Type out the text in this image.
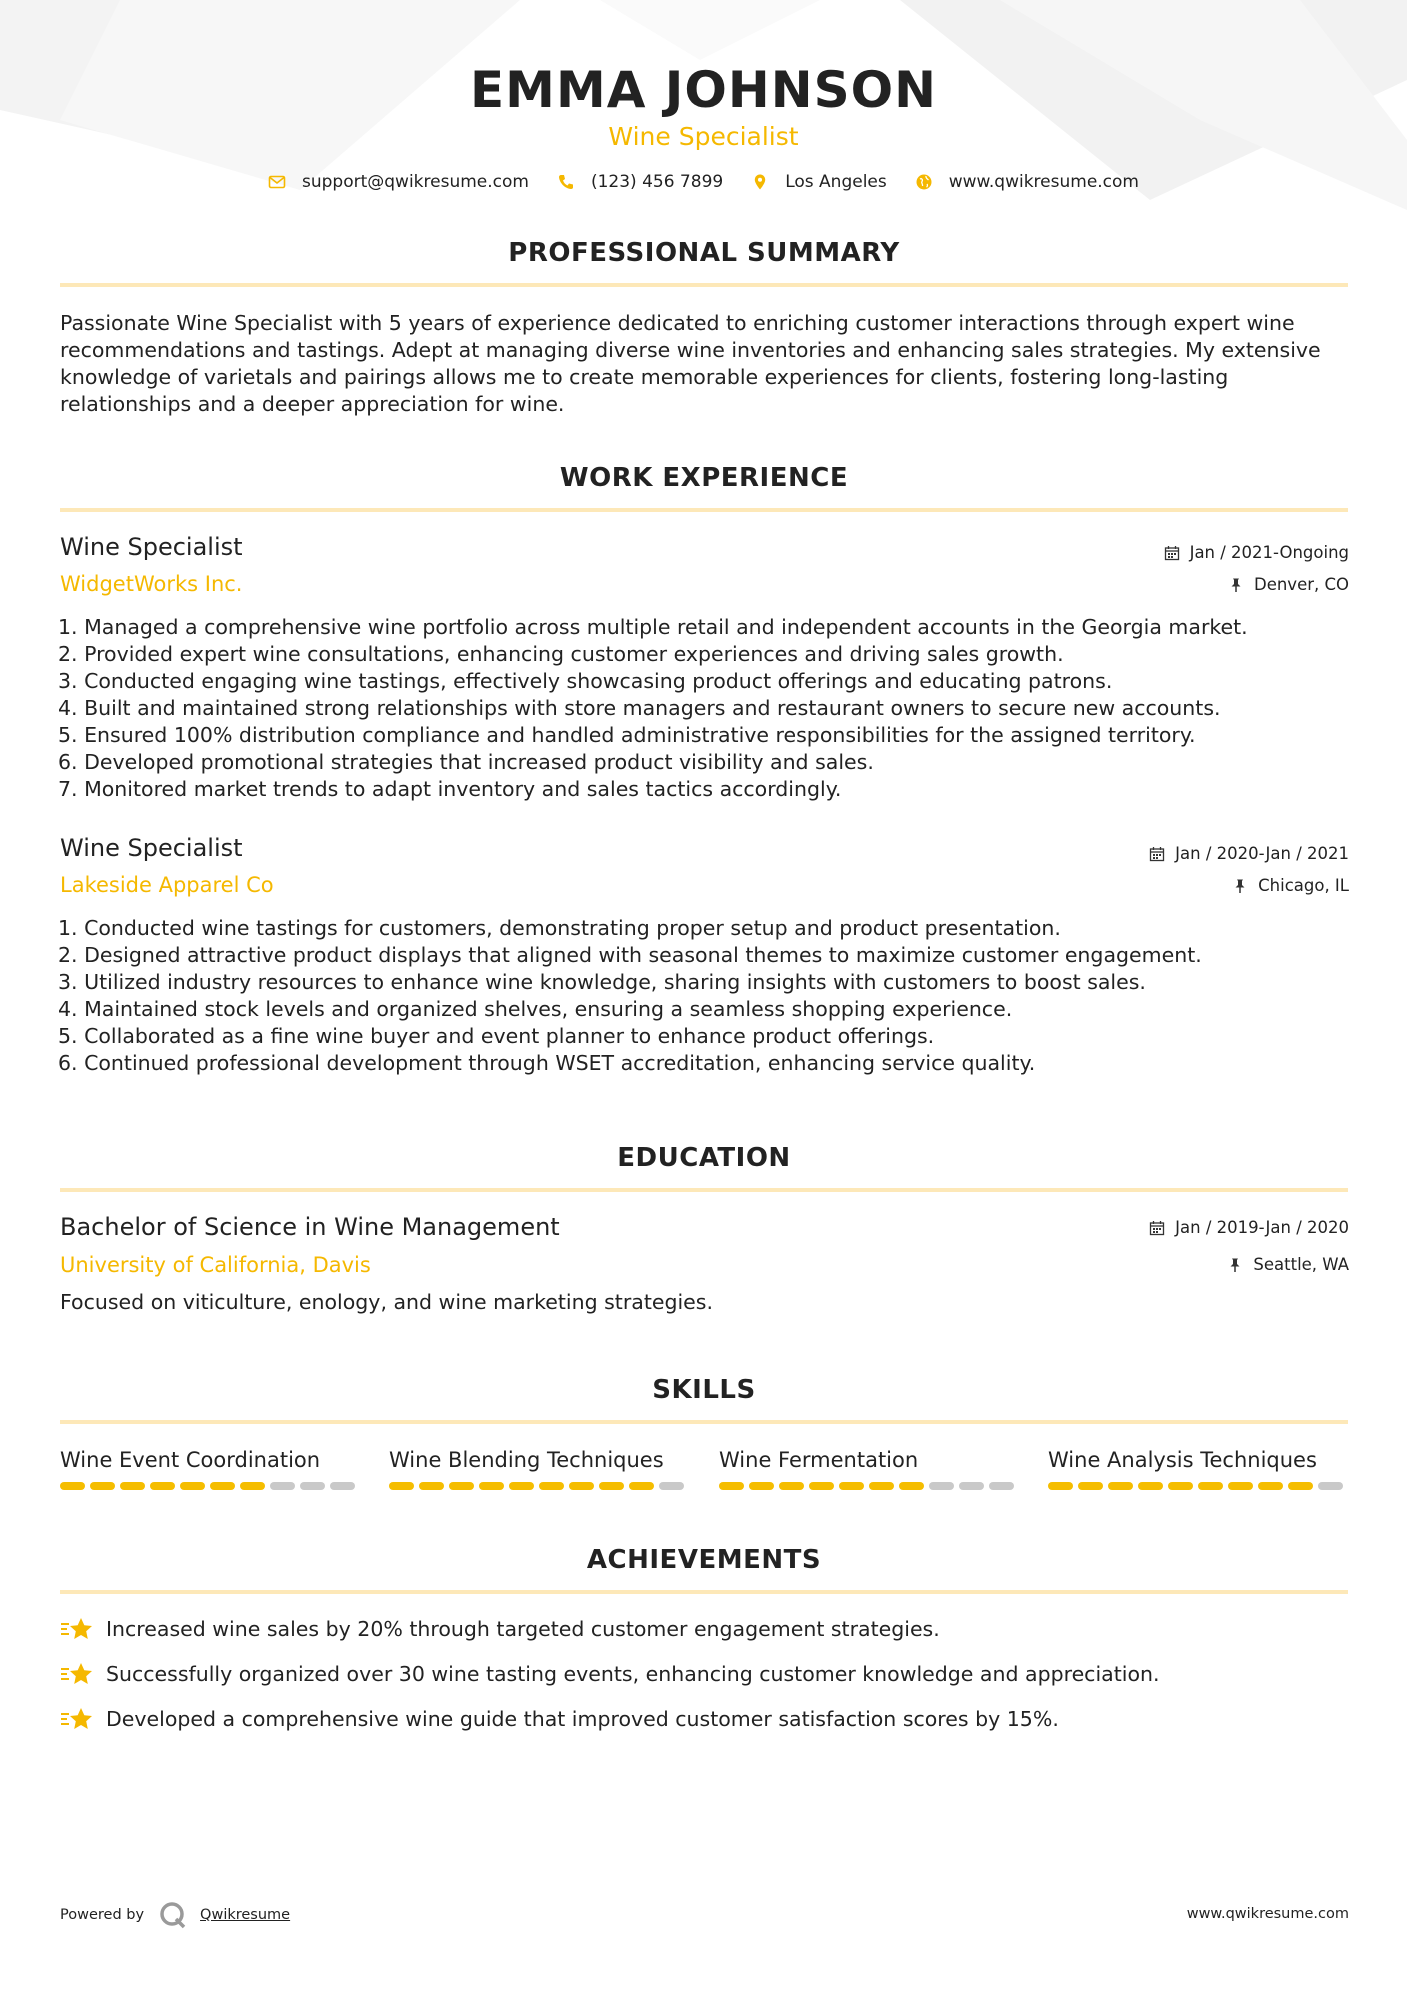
EMMA JOHNSON
Wine Specialist
support@qwikresume.com	(123) 456 7899	Los Angeles	www.qwikresume.com
PROFESSIONAL SUMMARY
Passionate Wine Specialist with 5 years of experience dedicated to enriching customer interactions through expert wine recommendations and tastings. Adept at managing diverse wine inventories and enhancing sales strategies. My extensive knowledge of varietals and pairings allows me to create memorable experiences for clients, fostering long-lasting relationships and a deeper appreciation for wine.
WORK EXPERIENCE
Wine Specialist	Jan / 2021-Ongoing
WidgetWorks Inc.	Denver, CO
1. Managed a comprehensive wine portfolio across multiple retail and independent accounts in the Georgia market.
2. Provided expert wine consultations, enhancing customer experiences and driving sales growth.
3. Conducted engaging wine tastings, effectively showcasing product offerings and educating patrons.
4. Built and maintained strong relationships with store managers and restaurant owners to secure new accounts.
5. Ensured 100% distribution compliance and handled administrative responsibilities for the assigned territory.
6. Developed promotional strategies that increased product visibility and sales.
7. Monitored market trends to adapt inventory and sales tactics accordingly.
Wine Specialist	Jan / 2020-Jan / 2021
Lakeside Apparel Co	Chicago, IL
1. Conducted wine tastings for customers, demonstrating proper setup and product presentation.
2. Designed attractive product displays that aligned with seasonal themes to maximize customer engagement.
3. Utilized industry resources to enhance wine knowledge, sharing insights with customers to boost sales.
4. Maintained stock levels and organized shelves, ensuring a seamless shopping experience.
5. Collaborated as a fine wine buyer and event planner to enhance product offerings.
6. Continued professional development through WSET accreditation, enhancing service quality.
EDUCATION
Bachelor of Science in Wine Management	Jan / 2019-Jan / 2020
University of California, Davis	Seattle, WA
Focused on viticulture, enology, and wine marketing strategies.
SKILLS
Wine Event Coordination	Wine Blending Techniques	Wine Fermentation	Wine Analysis Techniques
ACHIEVEMENTS
Increased wine sales by 20% through targeted customer engagement strategies.
Successfully organized over 30 wine tasting events, enhancing customer knowledge and appreciation.
Developed a comprehensive wine guide that improved customer satisfaction scores by 15%.
Powered by	Qwikresume	www.qwikresume.com
